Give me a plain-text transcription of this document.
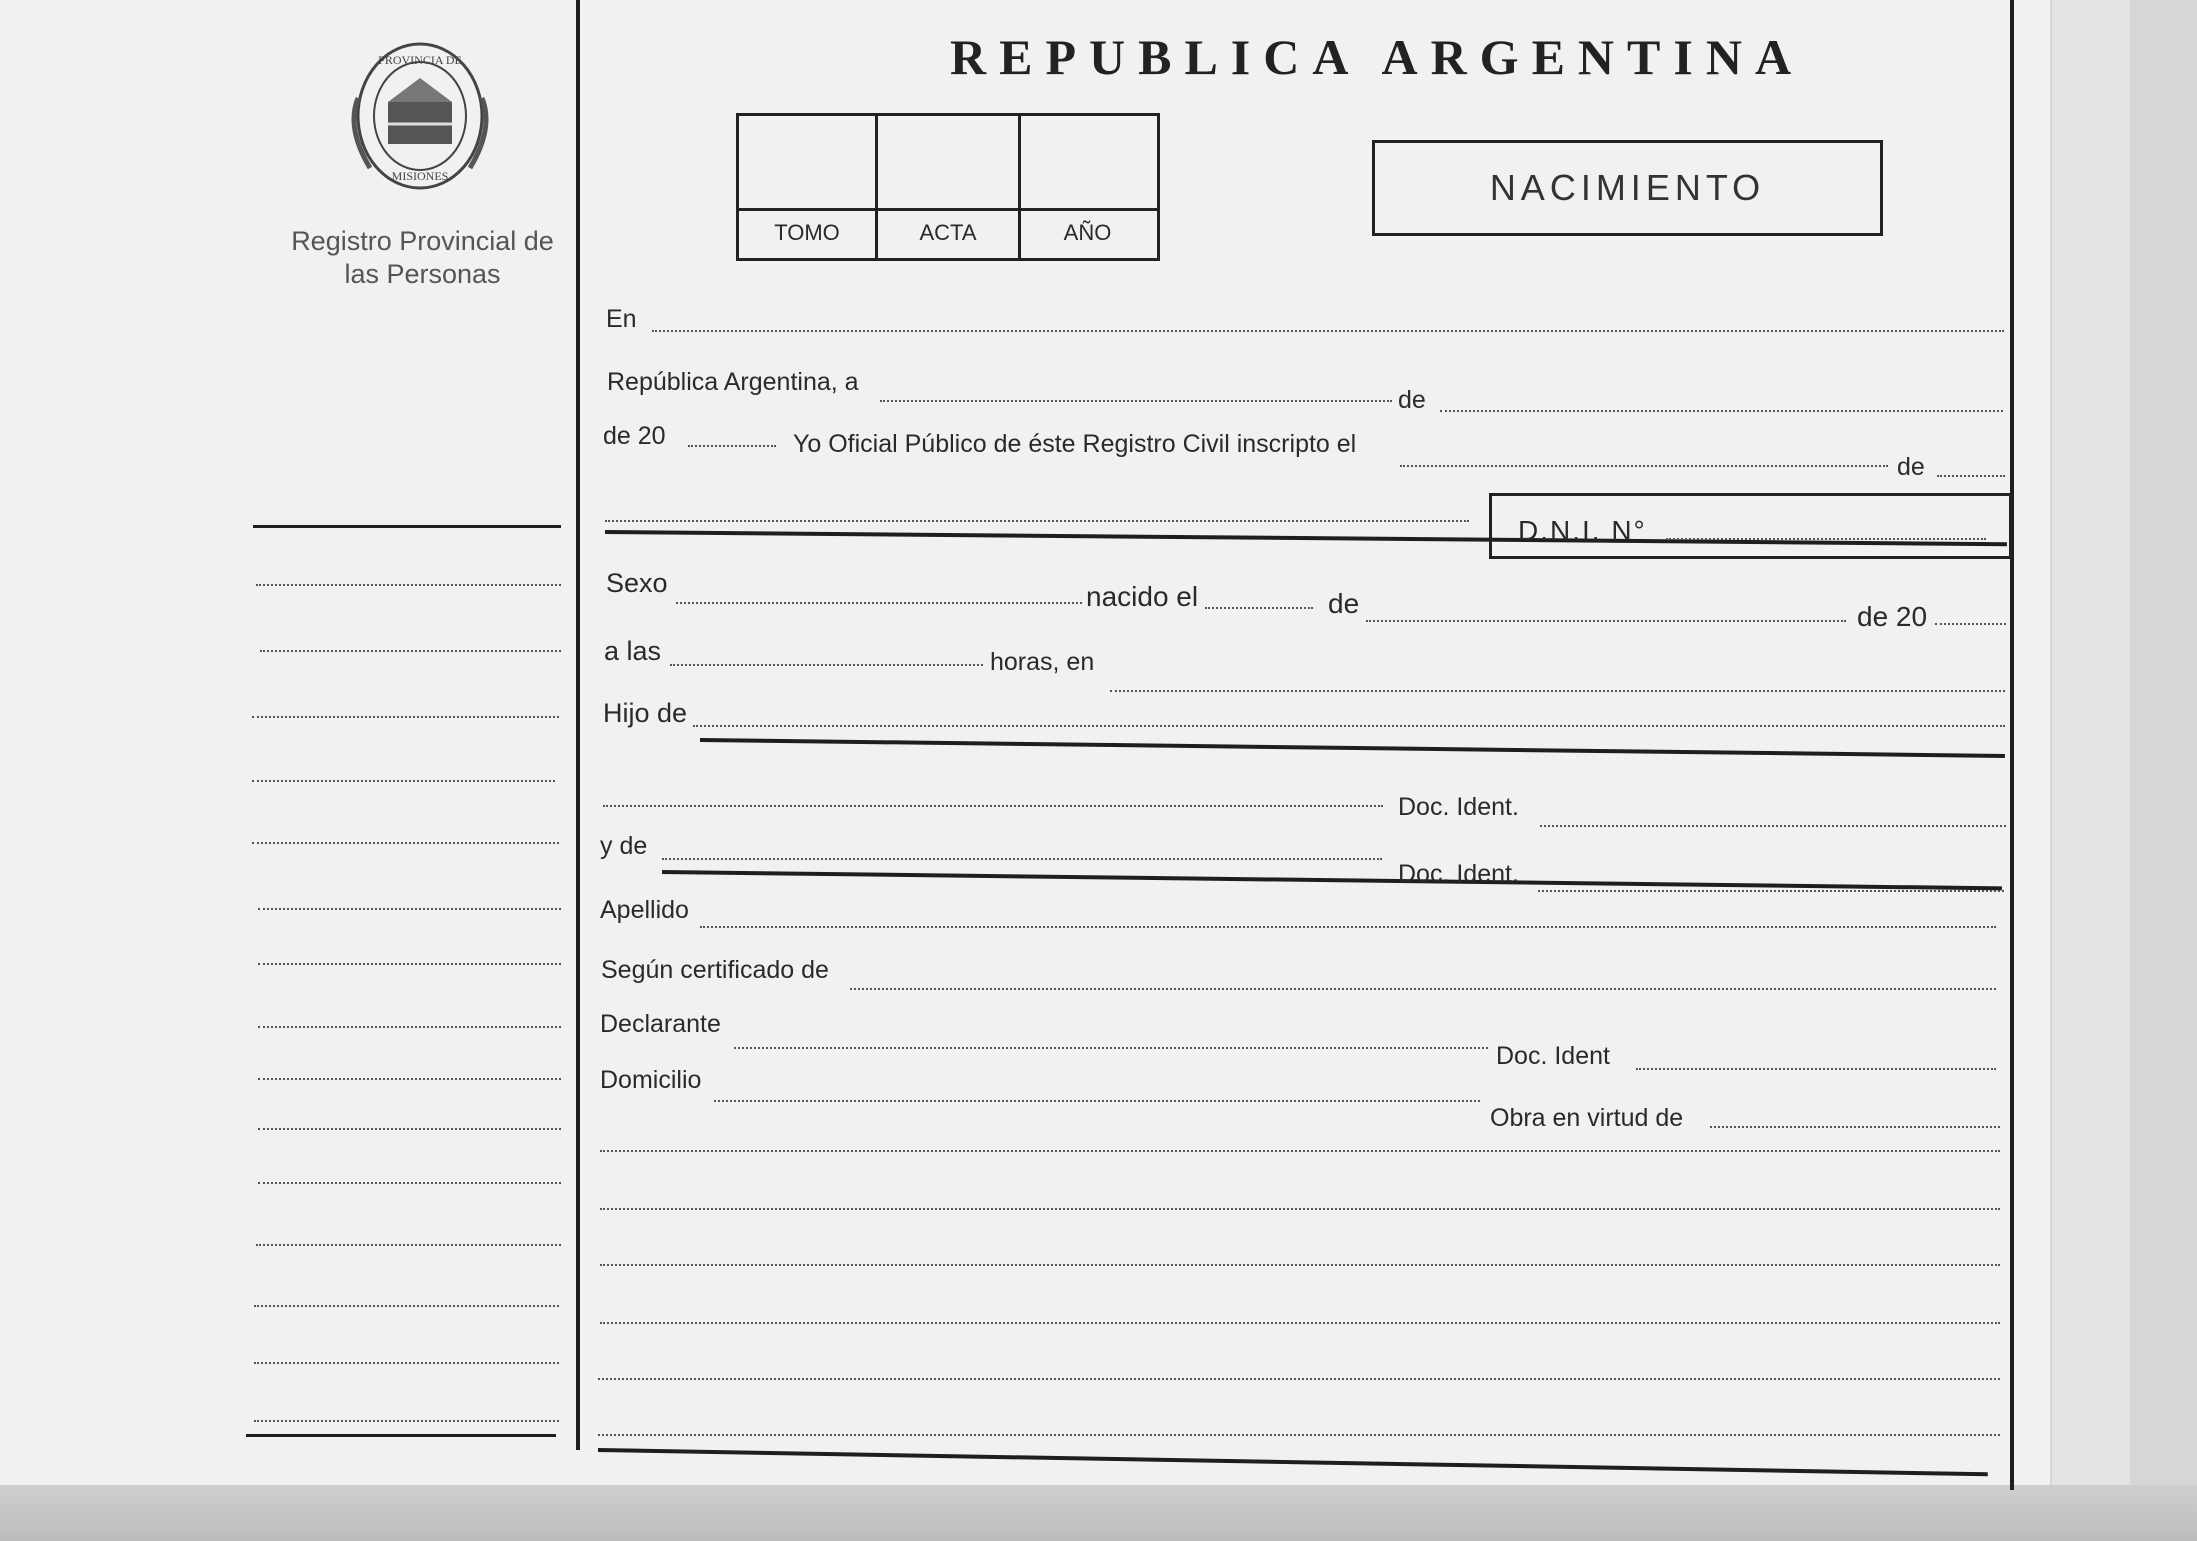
PROVINCIA DE
MISIONES
Registro Provincial de las Personas
REPUBLICA ARGENTINA
TOMO	ACTA	AÑO
NACIMIENTO
En
República Argentina, a
de
de 20	Yo Oficial Público de éste Registro Civil inscripto el
de
D.N.I. N°
Sexo	nacido el	de	de 20
a las	horas, en
Hijo de
Doc. Ident.
y de
Doc. Ident.
Apellido
Según certificado de
Declarante
Doc. Ident
Domicilio
Obra en virtud de
